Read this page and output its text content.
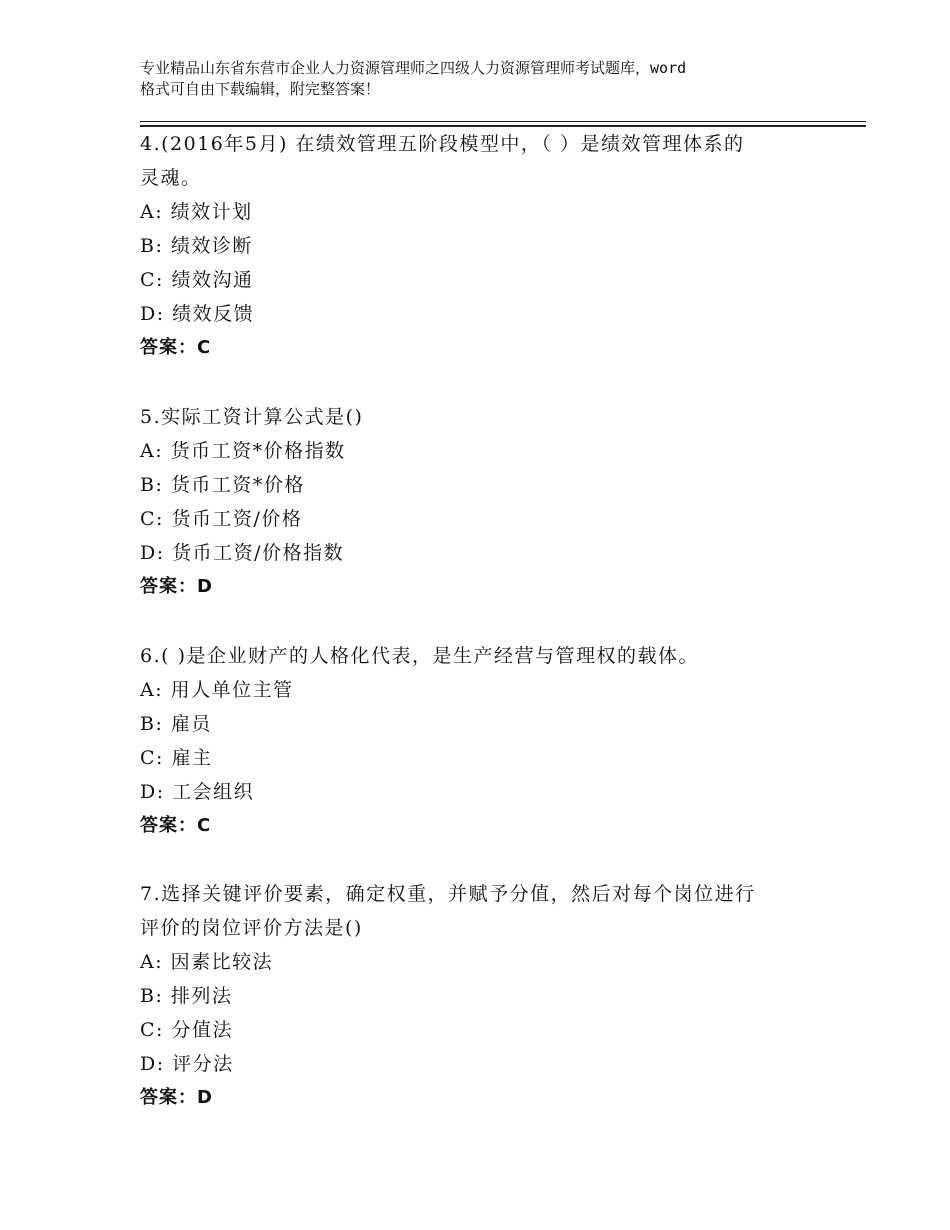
专业精品山东省东营市企业人力资源管理师之四级人力资源管理师考试题库，word
格式可自由下载编辑，附完整答案！
4.(2016年5月) 在绩效管理五阶段模型中，（ ）是绩效管理体系的
灵魂。
A: 绩效计划
B: 绩效诊断
C: 绩效沟通
D: 绩效反馈
答案：C
5.实际工资计算公式是()
A: 货币工资*价格指数
B: 货币工资*价格
C: 货币工资/价格
D: 货币工资/价格指数
答案：D
6.( )是企业财产的人格化代表，是生产经营与管理权的载体。
A: 用人单位主管
B: 雇员
C: 雇主
D: 工会组织
答案：C
7.选择关键评价要素，确定权重，并赋予分值，然后对每个岗位进行
评价的岗位评价方法是()
A: 因素比较法
B: 排列法
C: 分值法
D: 评分法
答案：D
